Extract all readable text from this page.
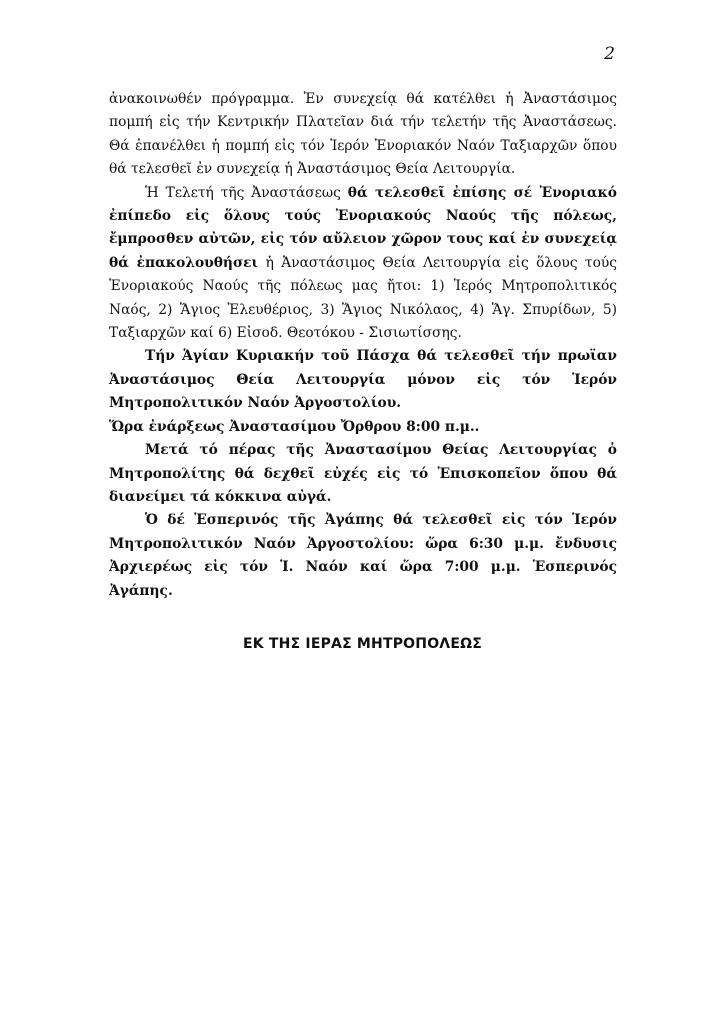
2

ἀνακοινωθέν πρόγραμμα. Ἐν συνεχείᾳ θά κατέλθει ἡ Ἀναστάσιμος πομπή εἰς τήν Κεντρικήν Πλατεῖαν διά τήν τελετήν τῆς Ἀναστάσεως. Θά ἐπανέλθει ἡ πομπή εἰς τόν Ἱερόν Ἐνοριακόν Ναόν Ταξιαρχῶν ὅπου θά τελεσθεῖ ἐν συνεχείᾳ ἡ Ἀναστάσιμος Θεία Λειτουργία.

Ἡ Τελετή τῆς Ἀναστάσεως θά τελεσθεῖ ἐπίσης σέ Ἐνοριακό ἐπίπεδο εἰς ὅλους τούς Ἐνοριακούς Ναούς τῆς πόλεως, ἔμπροσθεν αὐτῶν, εἰς τόν αὔλειον χῶρον τους καί ἐν συνεχείᾳ θά ἐπακολουθήσει ἡ Ἀναστάσιμος Θεία Λειτουργία εἰς ὅλους τούς Ἐνοριακούς Ναούς τῆς πόλεως μας ἤτοι: 1) Ἱερός Μητροπολιτικός Ναός, 2) Ἅγιος Ἐλευθέριος, 3) Ἅγιος Νικόλαος, 4) Ἅγ. Σπυρίδων, 5) Ταξιαρχῶν καί 6) Εἰσοδ. Θεοτόκου - Σισιωτίσσης.

Τήν Ἁγίαν Κυριακήν τοῦ Πάσχα θά τελεσθεῖ τήν πρωϊαν Ἀναστάσιμος Θεία Λειτουργία μόνον εἰς τόν Ἱερόν Μητροπολιτικόν Ναόν Ἀργοστολίου.

Ὥρα ἐνάρξεως Ἀναστασίμου Ὄρθρου 8:00 π.μ..

Μετά τό πέρας τῆς Ἀναστασίμου Θείας Λειτουργίας ὁ Μητροπολίτης θά δεχθεῖ εὐχές εἰς τό Ἐπισκοπεῖον ὅπου θά διανείμει τά κόκκινα αὐγά.

Ὁ δέ Ἑσπερινός τῆς Ἀγάπης θά τελεσθεῖ εἰς τόν Ἱερόν Μητροπολιτικόν Ναόν Ἀργοστολίου: ὥρα 6:30 μ.μ. ἔνδυσις Ἀρχιερέως εἰς τόν Ἱ. Ναόν καί ὥρα 7:00 μ.μ. Ἑσπερινός Ἀγάπης.

ΕΚ ΤΗΣ ΙΕΡΑΣ ΜΗΤΡΟΠΟΛΕΩΣ
